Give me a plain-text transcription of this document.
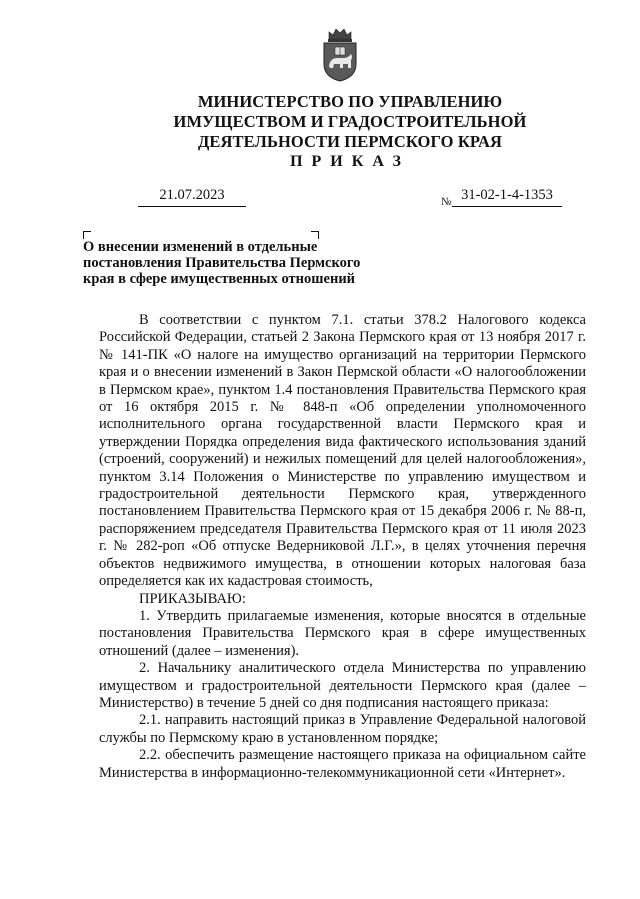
МИНИСТЕРСТВО ПО УПРАВЛЕНИЮ
ИМУЩЕСТВОМ И ГРАДОСТРОИТЕЛЬНОЙ
ДЕЯТЕЛЬНОСТИ ПЕРМСКОГО КРАЯ
ПРИКАЗ
21.07.2023	№ 31-02-1-4-1353
О внесении изменений в отдельные
постановления Правительства Пермского
края в сфере имущественных отношений

В соответствии с пунктом 7.1. статьи 378.2 Налогового кодекса Российской Федерации, статьей 2 Закона Пермского края от 13 ноября 2017 г. № 141-ПК «О налоге на имущество организаций на территории Пермского края и о внесении изменений в Закон Пермской области «О налогообложении в Пермском крае», пунктом 1.4 постановления Правительства Пермского края от 16 октября 2015 г. № 848-п «Об определении уполномоченного исполнительного органа государственной власти Пермского края и утверждении Порядка определения вида фактического использования зданий (строений, сооружений) и нежилых помещений для целей налогообложения», пунктом 3.14 Положения о Министерстве по управлению имуществом и градостроительной деятельности Пермского края, утвержденного постановлением Правительства Пермского края от 15 декабря 2006 г. № 88-п, распоряжением председателя Правительства Пермского края от 11 июля 2023 г. № 282-роп «Об отпуске Ведерниковой Л.Г.», в целях уточнения перечня объектов недвижимого имущества, в отношении которых налоговая база определяется как их кадастровая стоимость,

ПРИКАЗЫВАЮ:

1. Утвердить прилагаемые изменения, которые вносятся в отдельные постановления Правительства Пермского края в сфере имущественных отношений (далее – изменения).

2. Начальнику аналитического отдела Министерства по управлению имуществом и градостроительной деятельности Пермского края (далее – Министерство) в течение 5 дней со дня подписания настоящего приказа:

2.1. направить настоящий приказ в Управление Федеральной налоговой службы по Пермскому краю в установленном порядке;

2.2. обеспечить размещение настоящего приказа на официальном сайте Министерства в информационно-телекоммуникационной сети «Интернет».
